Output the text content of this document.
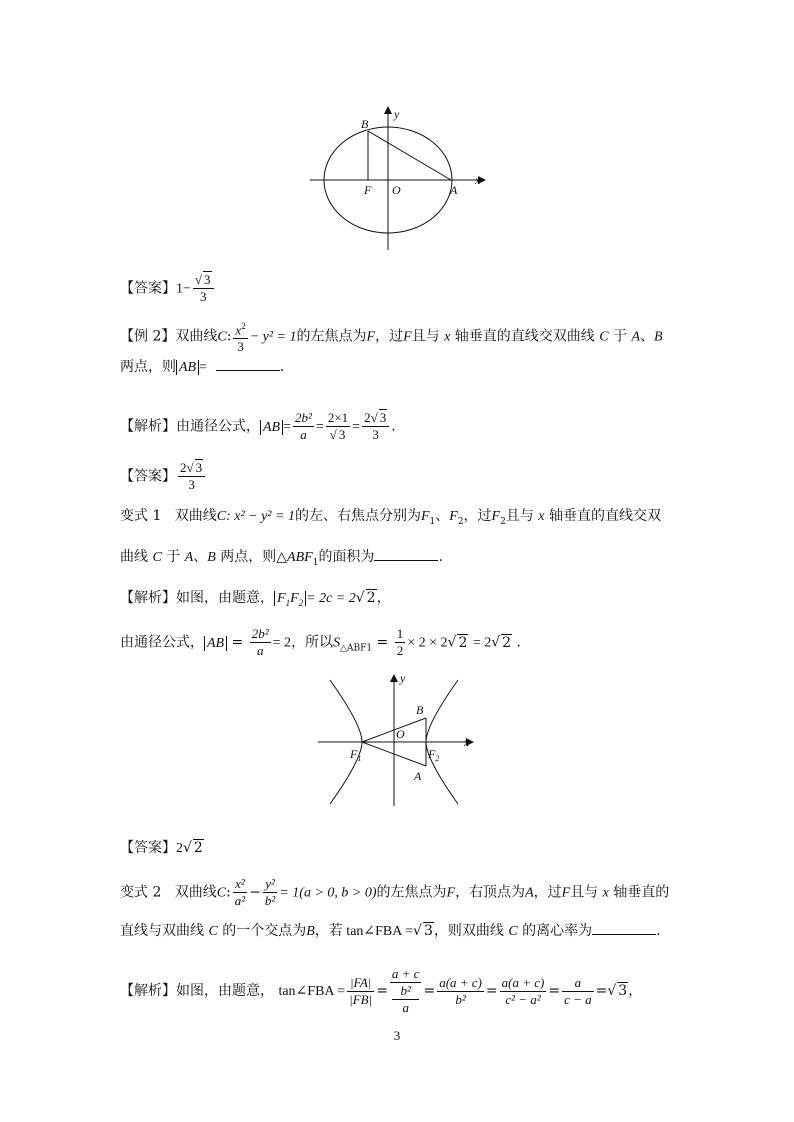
B
y
x
F O	A
【答案】$1- \frac{√ 3}{3}$
【例 2】双曲线C: $\frac{x^2}{3} - y^2 = 1$的左焦点为F，过F且与 x 轴垂直的直线交双曲线 C 于 A、B
两点，则 AB =	.
【解析】由通径公式， AB = $\frac{\text{2b²}}{a} = \frac{2\times 1}{√ 3} = \frac{2√ 3}{3}$ .
【答案】 $\frac{2√ 3}{3}$
变式 1 双曲线C: x² − y² = 1的左、右焦点分别为$F_1$、$F_2$，过$F_2$且与 x 轴垂直的直线交双
曲线 C 于 A、B 两点，则$\triangle ABF_1$的面积为	.
【解析】如图，由题意， $F_1F_2 = 2c = 2√$ 2，
由通径公式， AB = $\frac{\text{2b²}}{a} = 2$，所以$S_{\triangle ABF1} = \frac{1}{2} \times 2 \times 2√$ 2 = 2√ 2 .
y
B
O
x
$F_1$	$F_2$
A
【答案】2√ 2
变式 2 双曲线C: $\frac{\text{x²}}{\text{a²}} - \frac{\text{y²}}{\text{b²}} = 1(a > 0$, b > 0)的左焦点为F，右顶点为A，过F且与 x 轴垂直的
直线与双曲线 C 的一个交点为B，若 tan∠FBA =√ 3，则双曲线 C 的离心率为	.
【解析】如图，由题意， tan∠FBA = $\frac{|FA|}{|FB|} = a + c$
b²
$a = \frac{a(a + c)}{\text{b²}} = \frac{a(a + c)}{\text{c² − a²}} = \frac{a}{c - a}$ =√ 3，
3
